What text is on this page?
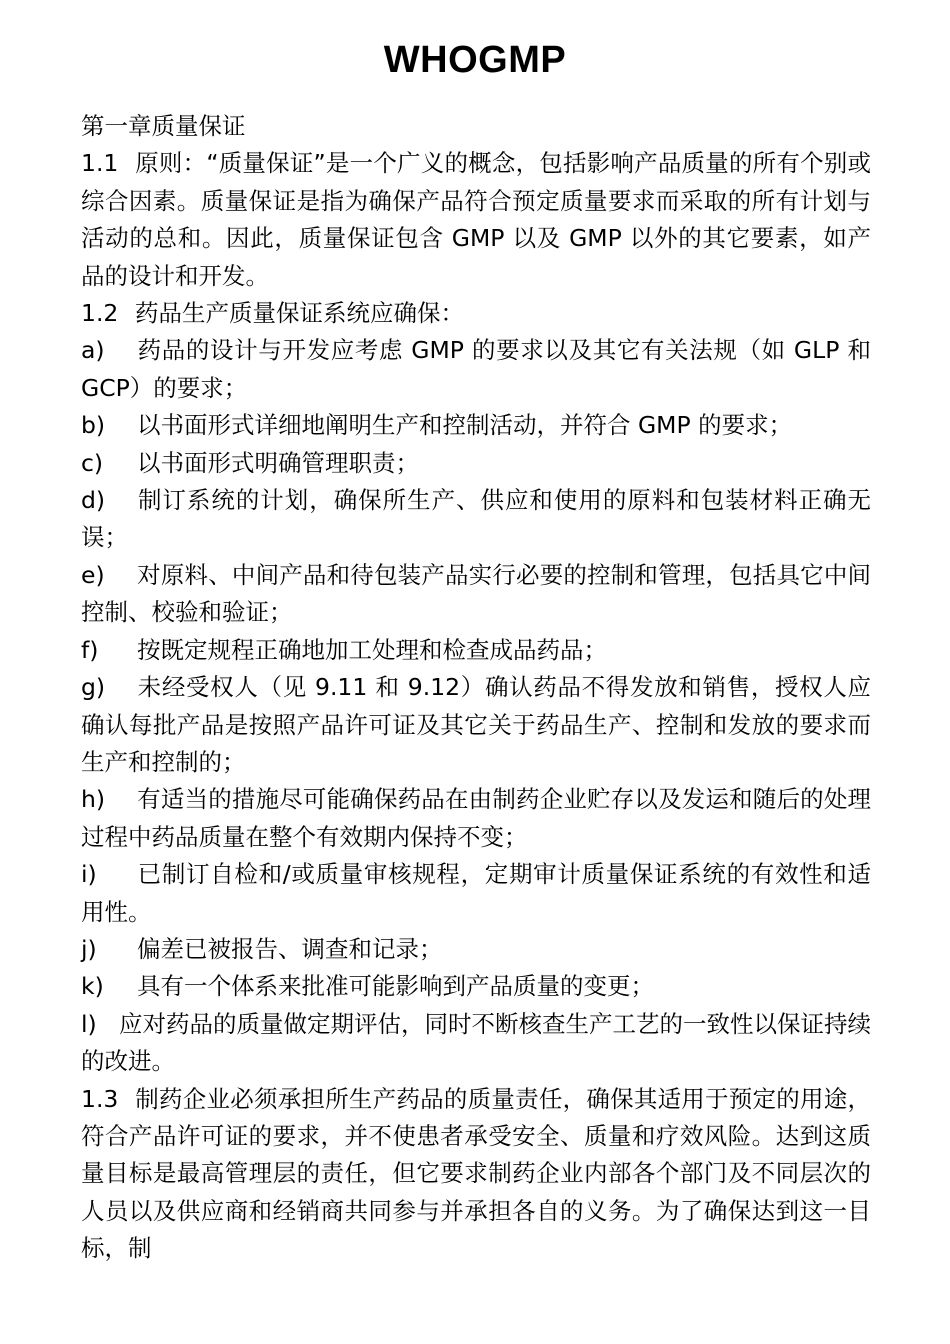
WHOGMP

第一章质量保证

1.1 原则：“质量保证”是一个广义的概念，包括影响产品质量的所有个别或综合因素。质量保证是指为确保产品符合预定质量要求而采取的所有计划与活动的总和。因此，质量保证包含 GMP 以及 GMP 以外的其它要素，如产品的设计和开发。

1.2 药品生产质量保证系统应确保：

a) 药品的设计与开发应考虑 GMP 的要求以及其它有关法规（如 GLP 和 GCP）的要求；

b) 以书面形式详细地阐明生产和控制活动，并符合 GMP 的要求；

c) 以书面形式明确管理职责；

d) 制订系统的计划，确保所生产、供应和使用的原料和包装材料正确无误；

e) 对原料、中间产品和待包装产品实行必要的控制和管理，包括具它中间控制、校验和验证；

f) 按既定规程正确地加工处理和检查成品药品；

g) 未经受权人（见 9.11 和 9.12）确认药品不得发放和销售，授权人应确认每批产品是按照产品许可证及其它关于药品生产、控制和发放的要求而生产和控制的；

h) 有适当的措施尽可能确保药品在由制药企业贮存以及发运和随后的处理过程中药品质量在整个有效期内保持不变；

i) 已制订自检和/或质量审核规程，定期审计质量保证系统的有效性和适用性。

j) 偏差已被报告、调查和记录；

k) 具有一个体系来批准可能影响到产品质量的变更；

l) 应对药品的质量做定期评估，同时不断核查生产工艺的一致性以保证持续的改进。

1.3 制药企业必须承担所生产药品的质量责任，确保其适用于预定的用途，符合产品许可证的要求，并不使患者承受安全、质量和疗效风险。达到这质量目标是最高管理层的责任，但它要求制药企业内部各个部门及不同层次的人员以及供应商和经销商共同参与并承担各自的义务。为了确保达到这一目标，制
